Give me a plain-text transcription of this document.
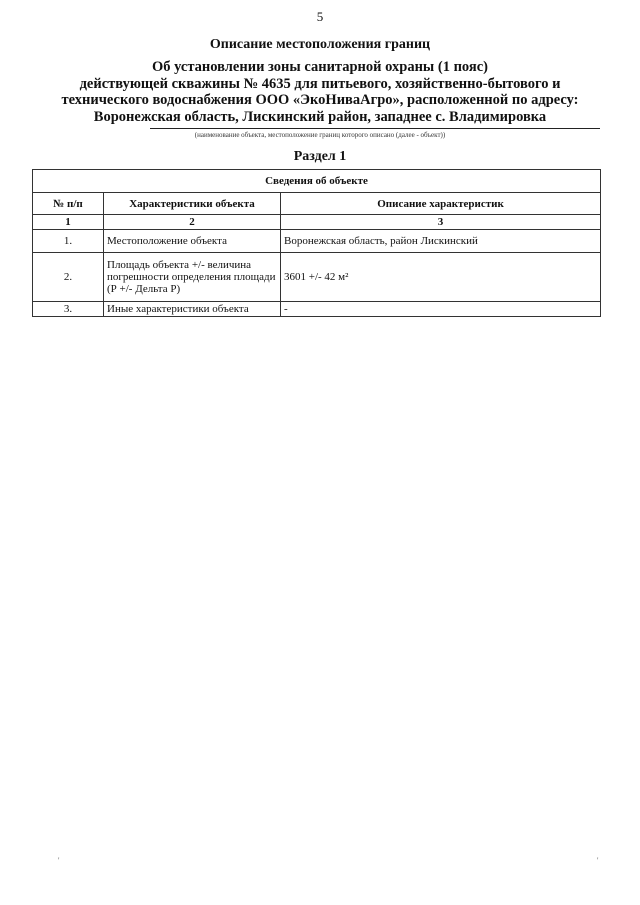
5
Описание местоположения границ
Об установлении зоны санитарной охраны (1 пояс)
действующей скважины № 4635 для питьевого, хозяйственно-бытового и
технического водоснабжения ООО «ЭкоНиваАгро», расположенной по адресу:
Воронежская область, Лискинский район, западнее с. Владимировка
(наименование объекта, местоположение границ которого описано (далее - объект))
Раздел 1
Сведения об объекте		
№ п/п	Характеристики объекта	Описание характеристик
1	2	3
1.	Местоположение объекта	Воронежская область, район Лискинский
2.	Площадь объекта +/- величина погрешности определения площади (Р +/- Дельта Р)	3601 +/- 42 м²
3.	Иные характеристики объекта	-
'	'
